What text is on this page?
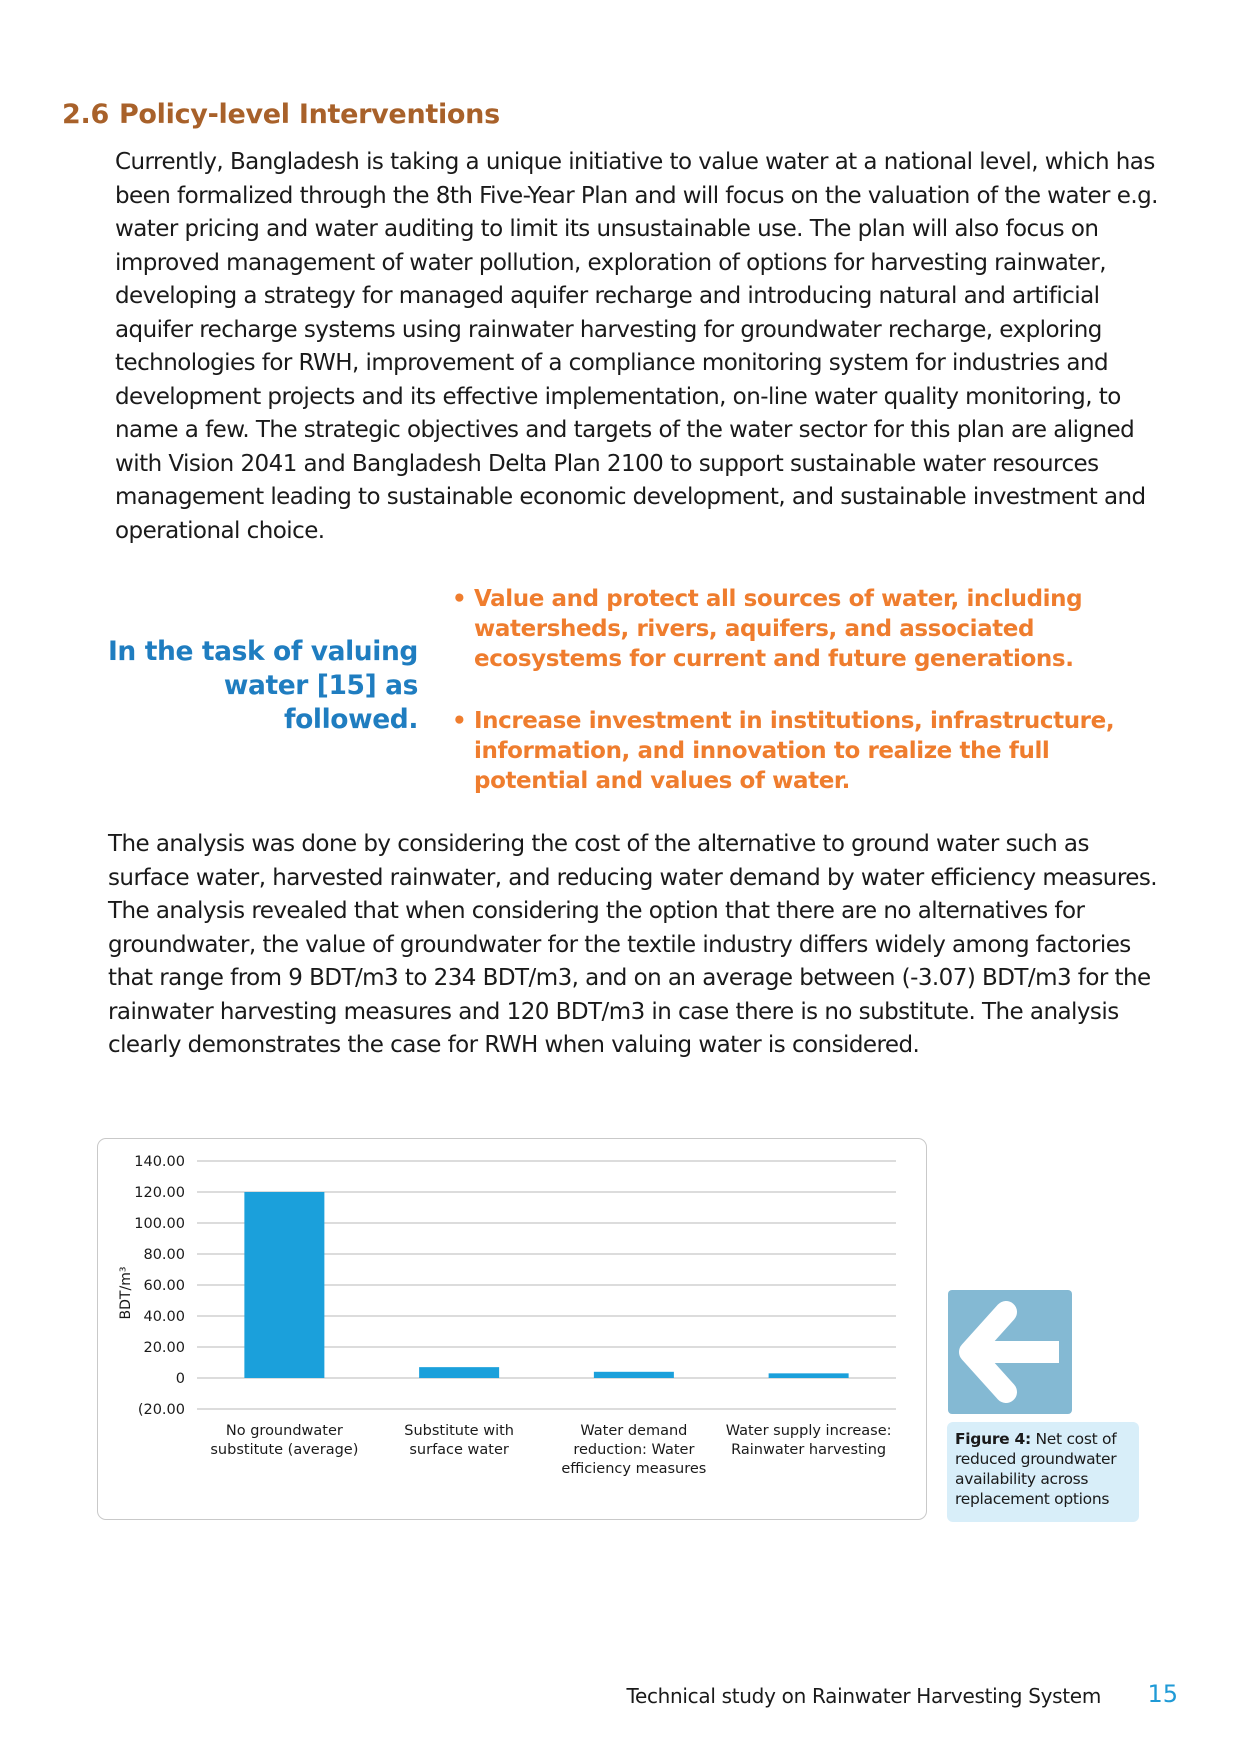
2.6 Policy-level Interventions

Currently, Bangladesh is taking a unique initiative to value water at a national level, which has been formalized through the 8th Five-Year Plan and will focus on the valuation of the water e.g. water pricing and water auditing to limit its unsustainable use. The plan will also focus on improved management of water pollution, exploration of options for harvesting rainwater, developing a strategy for managed aquifer recharge and introducing natural and artificial aquifer recharge systems using rainwater harvesting for groundwater recharge, exploring technologies for RWH, improvement of a compliance monitoring system for industries and development projects and its effective implementation, on-line water quality monitoring, to name a few. The strategic objectives and targets of the water sector for this plan are aligned with Vision 2041 and Bangladesh Delta Plan 2100 to support sustainable water resources management leading to sustainable economic development, and sustainable investment and operational choice.

In the task of valuing water [15] as followed.
• Value and protect all sources of water, including watersheds, rivers, aquifers, and associated ecosystems for current and future generations.
• Increase investment in institutions, infrastructure, information, and innovation to realize the full potential and values of water.

The analysis was done by considering the cost of the alternative to ground water such as surface water, harvested rainwater, and reducing water demand by water efficiency measures. The analysis revealed that when considering the option that there are no alternatives for groundwater, the value of groundwater for the textile industry differs widely among factories that range from 9 BDT/m3 to 234 BDT/m3, and on an average between (-3.07) BDT/m3 for the rainwater harvesting measures and 120 BDT/m3 in case there is no substitute. The analysis clearly demonstrates the case for RWH when valuing water is considered.

140.00
120.00
100.00
80.00
60.00
40.00
20.00
0
(20.00
BDT/m³
No groundwater
substitute (average)
Substitute with
surface water
Water demand
reduction: Water
efficiency measures
Water supply increase:
Rainwater harvesting
Figure 4: Net cost of reduced groundwater availability across replacement options
Technical study on Rainwater Harvesting System 15
